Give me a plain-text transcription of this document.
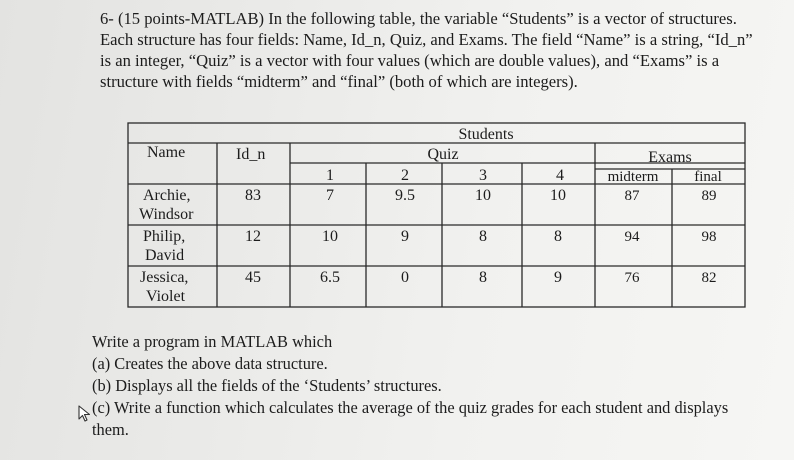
6- (15 points-MATLAB) In the following table, the variable “Students” is a vector of structures.

Each structure has four fields: Name, Id_n, Quiz, and Exams. The field “Name” is a string, “Id_n”

is an integer, “Quiz” is a vector with four values (which are double values), and “Exams” is a

structure with fields “midterm” and “final” (both of which are integers).

Students
Name	Id_n	Quiz	Exams
1	2	3	4	midterm final
Archie,
Windsor
83	7	9.5	10	10	87	89
Philip,
David
12	10	9	8	8	94	98
Jessica,
Violet
45	6.5	0	8	9	76	82

Write a program in MATLAB which

(a) Creates the above data structure.

(b) Displays all the fields of the ‘Students’ structures.

(c) Write a function which calculates the average of the quiz grades for each student and displays

them.
